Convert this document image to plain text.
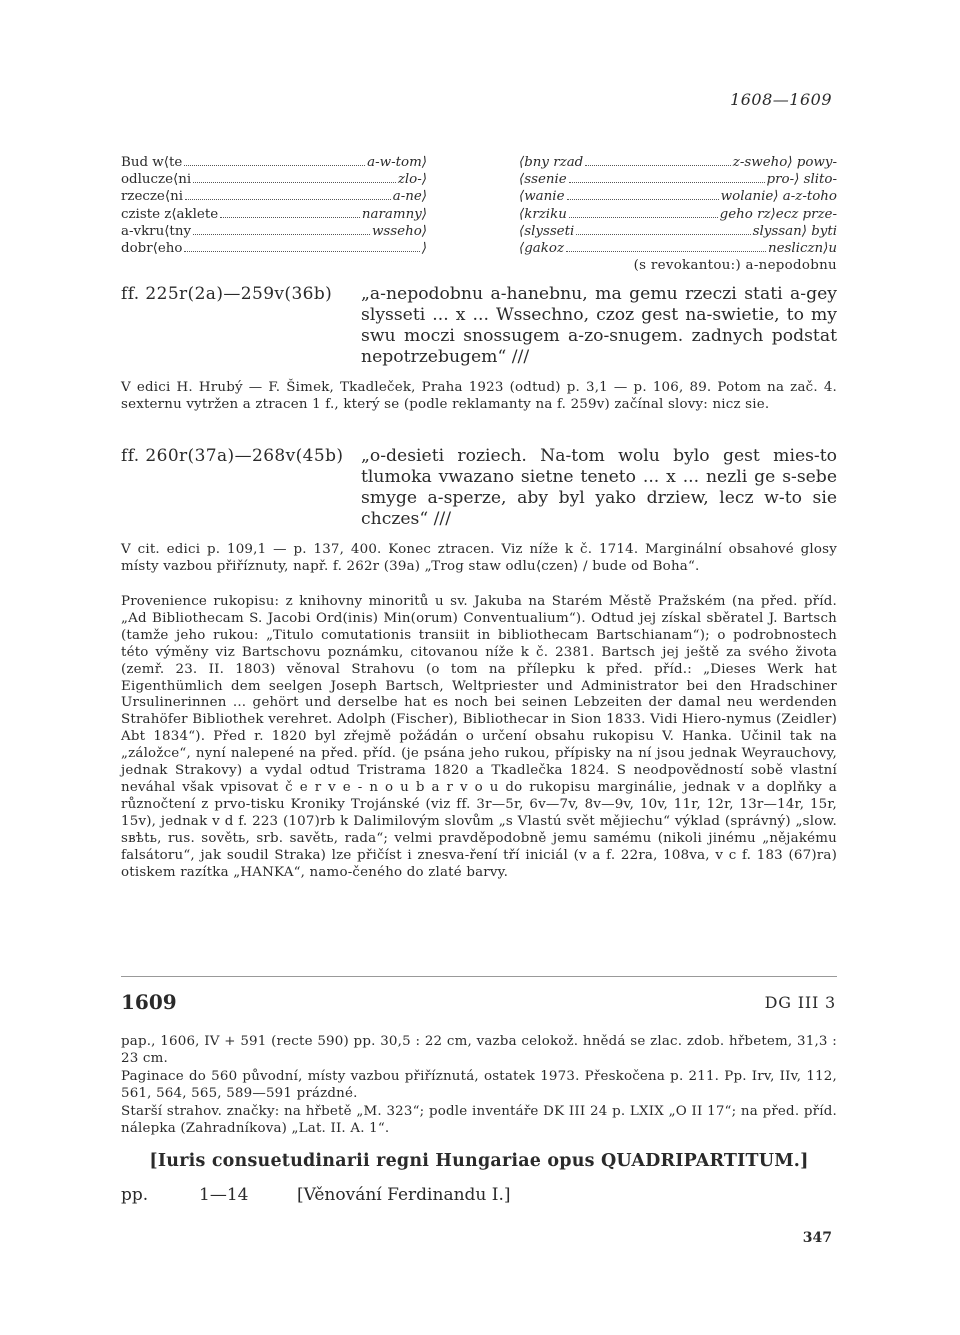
1608—1609
Bud w⟨te	a-w-tom⟩
odlucze⟨ni	zlo-⟩
rzecze⟨ni	a-ne⟩
cziste z⟨aklete	naramny⟩
a-vkru⟨tny	wsseho⟩
dobr⟨eho	⟩
⟨bny rzad	z-sweho⟩ powy-
⟨ssenie	pro-⟩ slito-
⟨wanie	wolanie⟩ a-z-toho
⟨krziku	geho rz⟩ecz prze-
⟨slysseti	slyssan⟩ byti
⟨gakoz	nesliczn⟩u
(s revokantou:) a-nepodobnu
ff. 225r(2a)—259v(36b) „a-nepodobnu a-hanebnu, ma gemu rzeczi stati a-gey slysseti ... x ... Wssechno, czoz gest na-swietie, to my swu moczi snossugem a-zo-snugem. zadnych podstat nepotrzebugem“ ///
V edici H. Hrubý — F. Šimek, Tkadleček, Praha 1923 (odtud) p. 3,1 — p. 106, 89. Potom na zač. 4. sexternu vytržen a ztracen 1 f., který se (podle reklamanty na f. 259v) začínal slovy: nicz sie.
ff. 260r(37a)—268v(45b) „o-desieti roziech. Na-tom wolu bylo gest mies-to tlumoka vwazano sietne teneto ... x ... nezli ge s-sebe smyge a-sperze, aby byl yako drziew, lecz w-to sie chczes“ ///
V cit. edici p. 109,1 — p. 137, 400. Konec ztracen. Viz níže k č. 1714. Marginální obsahové glosy místy vazbou přiříznuty, např. f. 262r (39a) „Trog staw odlu⟨czen⟩ / bude od Boha“.
Provenience rukopisu: z knihovny minoritů u sv. Jakuba na Starém Městě Pražském (na před. příd. „Ad Bibliothecam S. Jacobi Ord(inis) Min(orum) Conventualium“). Odtud jej získal sběratel J. Bartsch (tamže jeho rukou: „Titulo comutationis transiit in bibliothecam Bartschianam“); o podrobnostech této výměny viz Bartschovu poznámku, citovanou níže k č. 2381. Bartsch jej ještě za svého života (zemř. 23. II. 1803) věnoval Strahovu (o tom na přílepku k před. příd.: „Dieses Werk hat Eigenthümlich dem seelgen Joseph Bartsch, Weltpriester und Administrator bei den Hradschiner Ursulinerinnen ... gehört und derselbe hat es noch bei seinen Lebzeiten der damal neu werdenden Strahöfer Bibliothek verehret. Adolph (Fischer), Bibliothecar in Sion 1833. Vidi Hiero-nymus (Zeidler) Abt 1834“). Před r. 1820 byl zřejmě požádán o určení obsahu rukopisu V. Hanka. Učinil tak na „záložce“, nyní nalepené na před. příd. (je psána jeho rukou, přípisky na ní jsou jednak Weyrauchovy, jednak Strakovy) a vydal odtud Tristrama 1820 a Tkadlečka 1824. S neodpovědností sobě vlastní neváhal však vpisovat č e r v e - n o u b a r v o u do rukopisu marginálie, jednak v a doplňky a různočtení z prvo-tisku Kroniky Trojánské (viz ff. 3r—5r, 6v—7v, 8v—9v, 10v, 11r, 12r, 13r—14r, 15r, 15v), jednak v d f. 223 (107)rb k Dalimilovým slovům „s Vlastú svět mějiechu“ výklad (správný) „slow. sвѣtь, rus. sovětь, srb. savětь, rada“; velmi pravděpodobně jemu samému (nikoli jinému „nějakému falsátoru“, jak soudil Straka) lze přičíst i znesva-ření tří iniciál (v a f. 22ra, 108va, v c f. 183 (67)ra) otiskem razítka „HANKA“, namo-čeného do zlaté barvy.
1609	DG III 3
pap., 1606, IV + 591 (recte 590) pp. 30,5 : 22 cm, vazba celokož. hnědá se zlac. zdob. hřbetem, 31,3 : 23 cm.
Paginace do 560 původní, místy vazbou přiříznutá, ostatek 1973. Přeskočena p. 211. Pp. Irv, IIv, 112, 561, 564, 565, 589—591 prázdné.
Starší strahov. značky: na hřbetě „M. 323“; podle inventáře DK III 24 p. LXIX „O II 17“; na před. příd. nálepka (Zahradníkova) „Lat. II. A. 1“.
[Iuris consuetudinarii regni Hungariae opus QUADRIPARTITUM.]
pp.	1—14	[Věnování Ferdinandu I.]
347
